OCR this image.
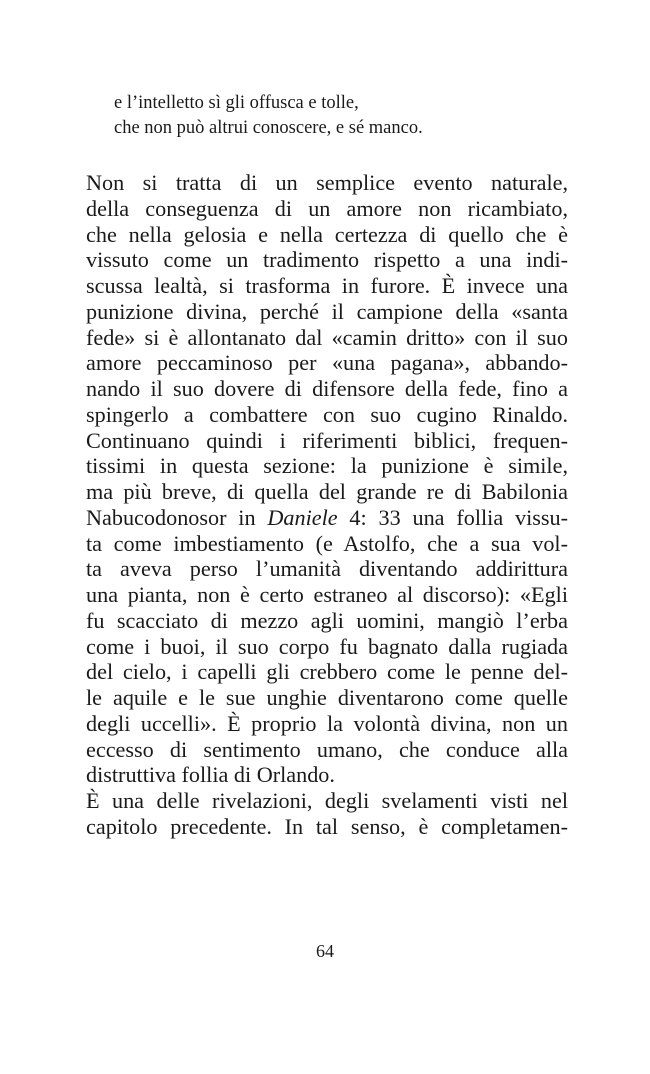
e l’intelletto sì gli offusca e tolle,
che non può altrui conoscere, e sé manco.
Non si tratta di un semplice evento naturale,
della conseguenza di un amore non ricambiato,
che nella gelosia e nella certezza di quello che è
vissuto come un tradimento rispetto a una indi-
scussa lealtà, si trasforma in furore. È invece una
punizione divina, perché il campione della «santa
fede» si è allontanato dal «camin dritto» con il suo
amore peccaminoso per «una pagana», abbando-
nando il suo dovere di difensore della fede, fino a
spingerlo a combattere con suo cugino Rinaldo.
Continuano quindi i riferimenti biblici, frequen-
tissimi in questa sezione: la punizione è simile,
ma più breve, di quella del grande re di Babilonia
Nabucodonosor in Daniele 4: 33 una follia vissu-
ta come imbestiamento (e Astolfo, che a sua vol-
ta aveva perso l’umanità diventando addirittura
una pianta, non è certo estraneo al discorso): «Egli
fu scacciato di mezzo agli uomini, mangiò l’erba
come i buoi, il suo corpo fu bagnato dalla rugiada
del cielo, i capelli gli crebbero come le penne del-
le aquile e le sue unghie diventarono come quelle
degli uccelli». È proprio la volontà divina, non un
eccesso di sentimento umano, che conduce alla
distruttiva follia di Orlando.
È una delle rivelazioni, degli svelamenti visti nel
capitolo precedente. In tal senso, è completamen-
64
